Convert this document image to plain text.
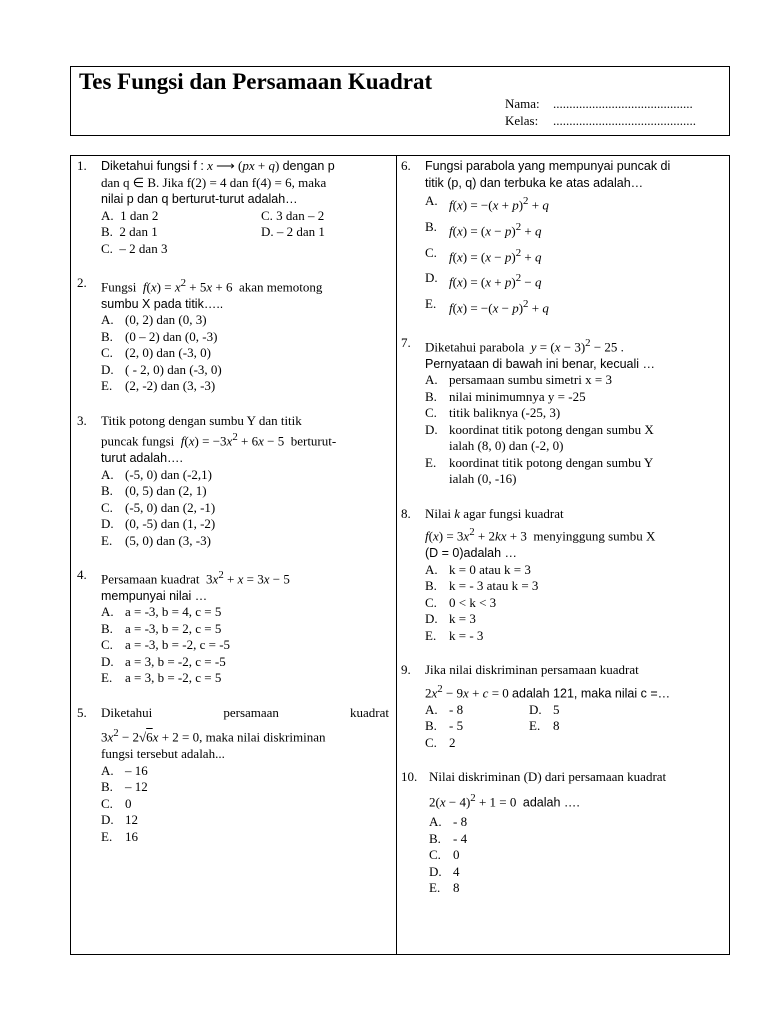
Tes Fungsi dan Persamaan Kuadrat
Nama: ...........................................
Kelas: ............................................
1. Diketahui fungsi f : x ⟶ (px + q) dengan p
dan q ∈ B. Jika f(2) = 4 dan f(4) = 6, maka
nilai p dan q berturut-turut adalah…
A. 1 dan 2	C. 3 dan – 2
B. 2 dan 1	D. – 2 dan 1
C. – 2 dan 3
2. Fungsi $f(x) = x^2 + 5x + 6$  akan memotong
sumbu X pada titik…..
A. (0, 2) dan (0, 3)
B. (0 – 2) dan (0, -3)
C. (2, 0) dan (-3, 0)
D. ( - 2, 0) dan (-3, 0)
E. (2, -2) dan (3, -3)
3. Titik potong dengan sumbu Y dan titik
puncak fungsi $f(x) = -3x^2 + 6x - 5$  berturut-
turut adalah….
A. (-5, 0) dan (-2,1)
B. (0, 5) dan (2, 1)
C. (-5, 0) dan (2, -1)
D. (0, -5) dan (1, -2)
E. (5, 0) dan (3, -3)
4. Persamaan kuadrat  $3x^2 + x = 3x - 5$
mempunyai nilai …
A. a = -3, b = 4, c = 5
B. a = -3, b = 2, c = 5
C. a = -3, b = -2, c = -5
D. a = 3, b = -2, c = -5
E. a = 3, b = -2, c = 5
5. Diketahui	persamaan	kuadrat
$3x^2 - 2√6x + 2 = 0$, maka nilai diskriminan
fungsi tersebut adalah...
A. – 16
B. – 12
C. 0
D. 12
E. 16
6. Fungsi parabola yang mempunyai puncak di
titik (p, q) dan terbuka ke atas adalah…
A. $f(x) = -(x + p)^2 + q$
B. $f(x) = (x - p)^2 + q$
C. $f(x) = (x - p)^2 + q$
D. $f(x) = (x + p)^2 - q$
E. $f(x) = -(x - p)^2 + q$
7. Diketahui parabola $y = (x - 3)^2 - 25$ .
Pernyataan di bawah ini benar, kecuali …
A. persamaan sumbu simetri x = 3
B. nilai minimumnya y = -25
C. titik baliknya (-25, 3)
D. koordinat titik potong dengan sumbu X
ialah (8, 0) dan (-2, 0)
E. koordinat titik potong dengan sumbu Y
ialah (0, -16)
8. Nilai k agar fungsi kuadrat
$f(x) = 3x^2 + 2kx + 3$  menyinggung sumbu X
(D = 0)adalah …
A. k = 0 atau k = 3
B. k = - 3 atau k = 3
C. 0 < k < 3
D. k = 3
E. k = - 3
9. Jika nilai diskriminan persamaan kuadrat
$2x^2 - 9x + c = 0$ adalah 121, maka nilai c =…
A. - 8	D. 5
B. - 5	E. 8
C. 2
10. Nilai diskriminan (D) dari persamaan kuadrat
$2(x - 4)^2 + 1 = 0$  adalah ….
A. - 8
B. - 4
C. 0
D. 4
E. 8
